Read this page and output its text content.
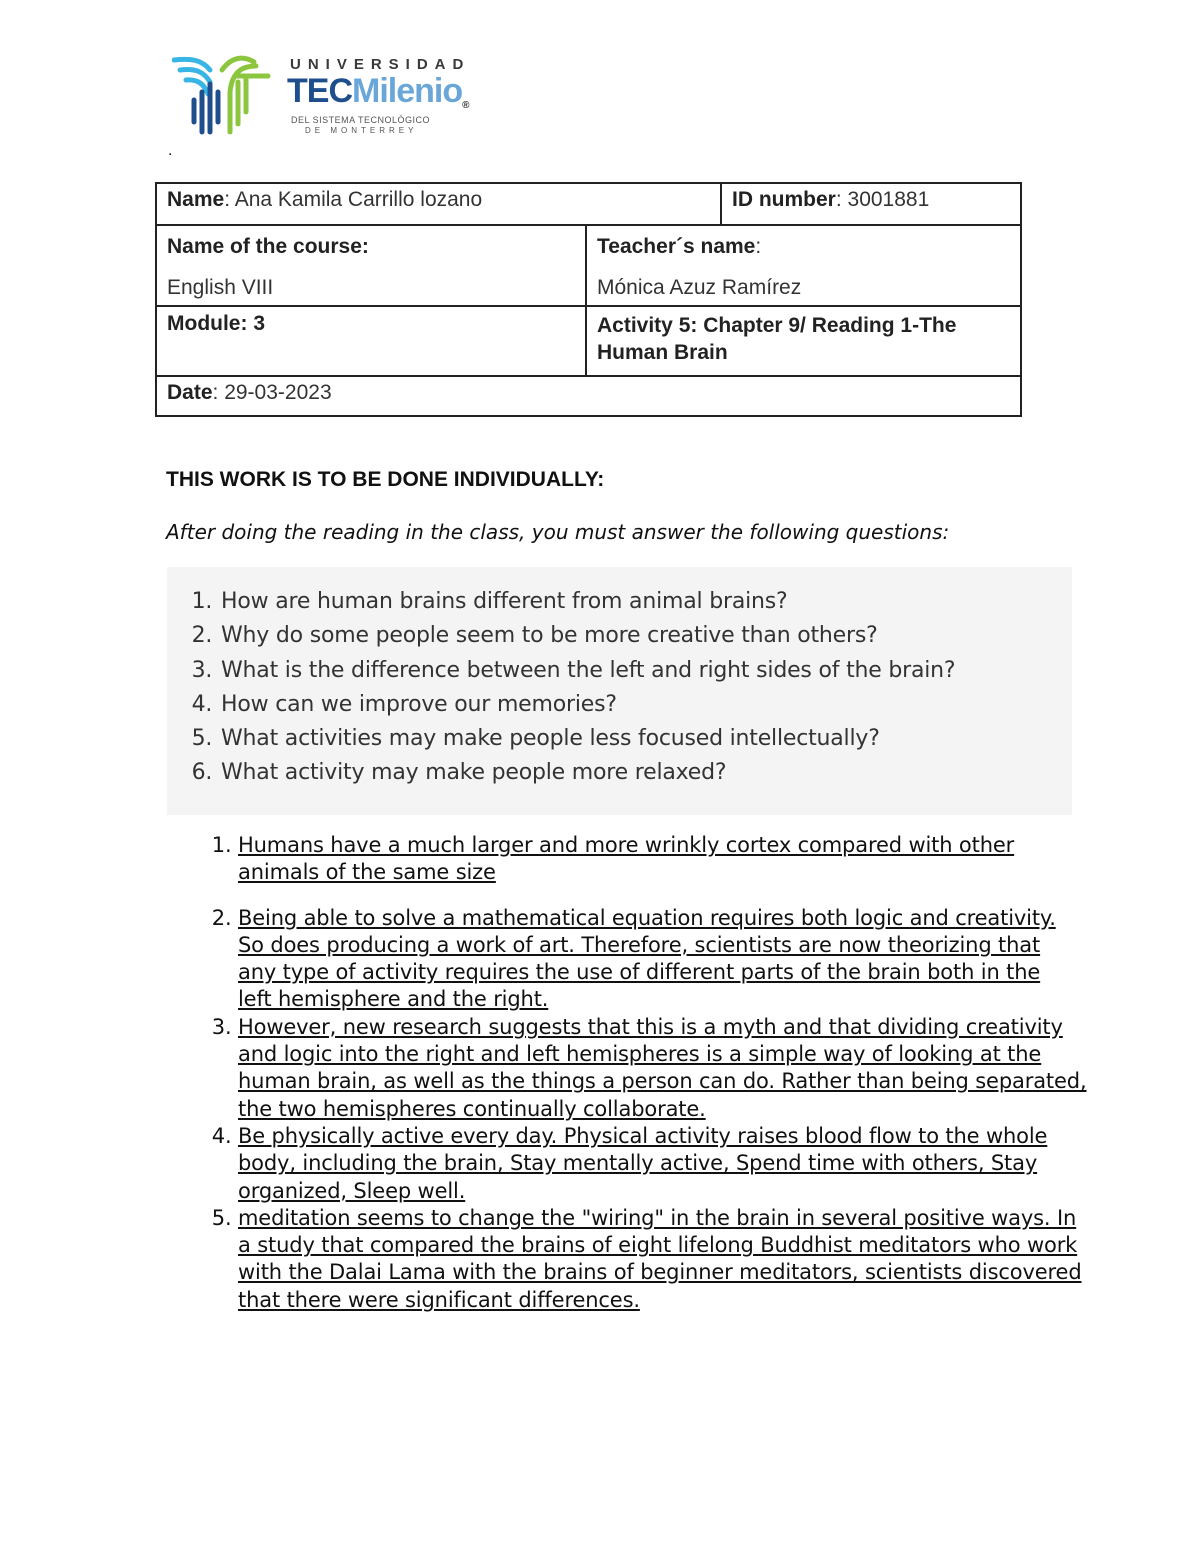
UNIVERSIDAD
TECMilenio®
DEL SISTEMA TECNOLÓGICO
DE MONTERREY
.
Name: Ana Kamila Carrillo lozano	ID number: 3001881
Name of the course:
English VIII
Teacher´s name:
Mónica Azuz Ramírez
Module: 3	Activity 5: Chapter 9/ Reading 1-The Human Brain
Date: 29-03-2023
THIS WORK IS TO BE DONE INDIVIDUALLY:
After doing the reading in the class, you must answer the following questions:
1. How are human brains different from animal brains?
2. Why do some people seem to be more creative than others?
3. What is the difference between the left and right sides of the brain?
4. How can we improve our memories?
5. What activities may make people less focused intellectually?
6. What activity may make people more relaxed?
1. Humans have a much larger and more wrinkly cortex compared with other animals of the same size
2. Being able to solve a mathematical equation requires both logic and creativity. So does producing a work of art. Therefore, scientists are now theorizing that any type of activity requires the use of different parts of the brain both in the left hemisphere and the right.
3. However, new research suggests that this is a myth and that dividing creativity and logic into the right and left hemispheres is a simple way of looking at the human brain, as well as the things a person can do. Rather than being separated, the two hemispheres continually collaborate.
4. Be physically active every day. Physical activity raises blood flow to the whole body, including the brain, Stay mentally active, Spend time with others, Stay organized, Sleep well.
5. meditation seems to change the "wiring" in the brain in several positive ways. In a study that compared the brains of eight lifelong Buddhist meditators who work with the Dalai Lama with the brains of beginner meditators, scientists discovered that there were significant differences.
